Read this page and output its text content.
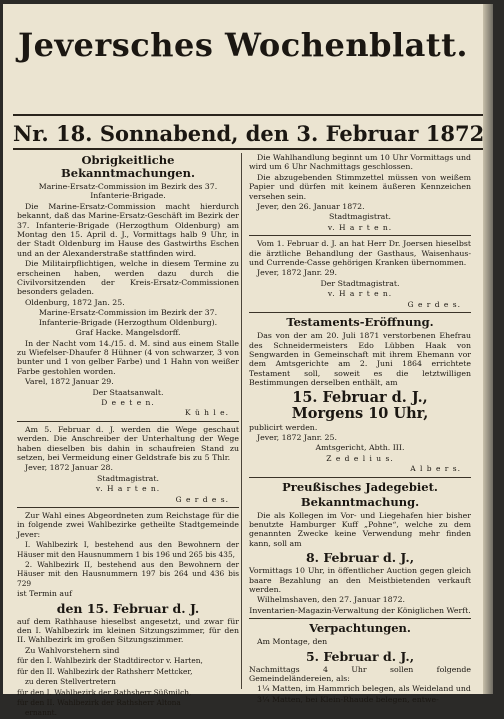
Jeversches Wochenblatt.
Nr. 18. Sonnabend, den 3. Februar 1872
Obrigkeitliche Bekanntmachungen.

Marine-Ersatz-Commission im Bezirk des 37. Infanterie-Brigade.

Die Marine-Ersatz-Commission macht hierdurch bekannt, daß das Marine-Ersatz-Geschäft im Bezirk der 37. Infanterie-Brigade (Herzogthum Oldenburg) am Montag den 15. April d. J., Vormittags halb 9 Uhr, in der Stadt Oldenburg im Hause des Gastwirths Eschen und an der Alexanderstraße stattfinden wird.

Die Militairpflichtigen, welche in diesem Termine zu erscheinen haben, werden dazu durch die Civilvorsitzenden der Kreis-Ersatz-Commissionen besonders geladen.

Oldenburg, 1872 Jan. 25.

Marine-Ersatz-Commission im Bezirk der 37. Infanterie-Brigade (Herzogthum Oldenburg).

Graf Hacke. Mangelsdorff.

In der Nacht vom 14./15. d. M. sind aus einem Stalle zu Wiefelser-Dhaufer 8 Hühner (4 von schwarzer, 3 von bunter und 1 von gelber Farbe) und 1 Hahn von weißer Farbe gestohlen worden.

Varel, 1872 Januar 29.

Der Staatsanwalt.

D e e t e n.

K ü h l e.

Am 5. Februar d. J. werden die Wege geschaut werden. Die Anschreiber der Unterhaltung der Wege haben dieselben bis dahin in schaufreien Stand zu setzen, bei Vermeidung einer Geldstrafe bis zu 5 Thlr.

Jever, 1872 Januar 28.

Stadtmagistrat.

v. H a r t e n.

G e r d e s.

Zur Wahl eines Abgeordneten zum Reichstage für die in folgende zwei Wahlbezirke getheilte Stadtgemeinde Jever:

I. Wahlbezirk I, bestehend aus den Bewohnern der Häuser mit den Hausnummern 1 bis 196 und 265 bis 435,

2. Wahlbezirk II, bestehend aus den Bewohnern der Häuser mit den Hausnummern 197 bis 264 und 436 bis 729

ist Termin auf

den 15. Februar d. J.

auf dem Rathhause hieselbst angesetzt, und zwar für den I. Wahlbezirk im kleinen Sitzungszimmer, für den II. Wahlbezirk im großen Sitzungszimmer.

Zu Wahlvorstehern sind

für den I. Wahlbezirk der Stadtdirector v. Harten,

für den II. Wahlbezirk der Rathsherr Mettcker,

zu deren Stellvertretern

für den I. Wahlbezirk der Rathsherr Süßmilch,

für den II. Wahlbezirk der Rathsherr Altona

ernannt.

Die Wahlhandlung beginnt um 10 Uhr Vormittags und wird um 6 Uhr Nachmittags geschlossen.

Die abzugebenden Stimmzettel müssen von weißem Papier und dürfen mit keinem äußeren Kennzeichen versehen sein.

Jever, den 26. Januar 1872.

Stadtmagistrat.

v. H a r t e n.

Vom 1. Februar d. J. an hat Herr Dr. Joersen hieselbst die ärztliche Behandlung der Gasthaus, Waisenhaus- und Currende-Casse gehörigen Kranken übernommen.

Jever, 1872 Janr. 29.

Der Stadtmagistrat.

v. H a r t e n.

G e r d e s.

Testaments-Eröffnung.

Das von der am 20. Juli 1871 verstorbenen Ehefrau des Schneidermeisters Edo Lübben Haak von Sengwarden in Gemeinschaft mit ihrem Ehemann vor dem Amtsgerichte am 2. Juni 1864 errichtete Testament soll, soweit es die letztwilligen Bestimmungen derselben enthält, am

15. Februar d. J.,
Morgens 10 Uhr,

publicirt werden.

Jever, 1872 Janr. 25.

Amtsgericht, Abth. III.

Z e d e l i u s.

A l b e r s.

Preußisches Jadegebiet.
Bekanntmachung.

Die als Kollegen im Vor- und Liegehafen hier bisher benutzte Hamburger Kuff „Pohne“, welche zu dem genannten Zwecke keine Verwendung mehr finden kann, soll am

8. Februar d. J.,

Vormittags 10 Uhr, in öffentlicher Auction gegen gleich baare Bezahlung an den Meistbietenden verkauft werden.

Wilhelmshaven, den 27. Januar 1872.

Inventarien-Magazin-Verwaltung der Königlichen Werft.

Verpachtungen.

Am Montage, den

5. Februar d. J.,

Nachmittags 4 Uhr sollen folgende Gemeindeländereien, als:

1¼ Matten, im Hammrich belegen, als Weideland und

3¼ Matten, bei Klein-Rhaude belegen, entwe-
